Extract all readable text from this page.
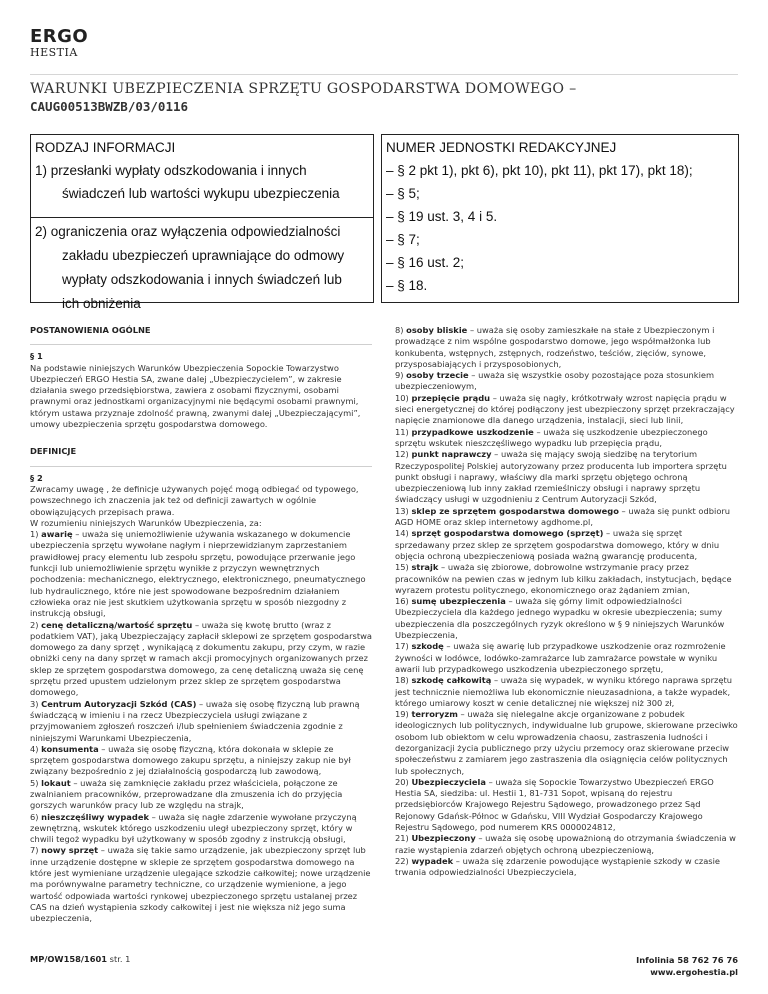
ERGO
HESTIA
WARUNKI UBEZPIECZENIA SPRZĘTU GOSPODARSTWA DOMOWEGO –
CAUG00513BWZB/03/0116
RODZAJ INFORMACJI
1) przesłanki wypłaty odszkodowania i innych
świadczeń lub wartości wykupu ubezpieczenia
2) ograniczenia oraz wyłączenia odpowiedzialności
zakładu ubezpieczeń uprawniające do odmowy
wypłaty odszkodowania i innych świadczeń lub
ich obniżenia
NUMER JEDNOSTKI REDAKCYJNEJ
– § 2 pkt 1), pkt 6), pkt 10), pkt 11), pkt 17), pkt 18);
– § 5;
– § 19 ust. 3, 4 i 5.
– § 7;
– § 16 ust. 2;
– § 18.

POSTANOWIENIA OGÓLNE

§ 1

Na podstawie niniejszych Warunków Ubezpieczenia Sopockie Towarzystwo Ubezpieczeń ERGO Hestia SA, zwane dalej „Ubezpieczycielem”, w zakresie działania swego przedsiębiorstwa, zawiera z osobami fizycznymi, osobami prawnymi oraz jednostkami organizacyjnymi nie będącymi osobami prawnymi, którym ustawa przyznaje zdolność prawną, zwanymi dalej „Ubezpieczającymi”, umowy ubezpieczenia sprzętu gospodarstwa domowego.

DEFINICJE

§ 2

Zwracamy uwagę , że definicje używanych pojęć mogą odbiegać od typowego, powszechnego ich znaczenia jak też od definicji zawartych w ogólnie obowiązujących przepisach prawa.

W rozumieniu niniejszych Warunków Ubezpieczenia, za:

1) awarię – uważa się uniemożliwienie używania wskazanego w dokumencie ubezpieczenia sprzętu wywołane nagłym i nieprzewidzianym zaprzestaniem prawidłowej pracy elementu lub zespołu sprzętu, powodujące przerwanie jego funkcji lub uniemożliwienie sprzętu wynikłe z przyczyn wewnętrznych pochodzenia: mechanicznego, elektrycznego, elektronicznego, pneumatycznego lub hydraulicznego, które nie jest spowodowane bezpośrednim działaniem człowieka oraz nie jest skutkiem użytkowania sprzętu w sposób niezgodny z instrukcją obsługi,

2) cenę detaliczną/wartość sprzętu – uważa się kwotę brutto (wraz z podatkiem VAT), jaką Ubezpieczający zapłacił sklepowi ze sprzętem gospodarstwa domowego za dany sprzęt , wynikającą z dokumentu zakupu, przy czym, w razie obniżki ceny na dany sprzęt w ramach akcji promocyjnych organizowanych przez sklep ze sprzętem gospodarstwa domowego, za cenę detaliczną uważa się cenę sprzętu przed upustem udzielonym przez sklep ze sprzętem gospodarstwa domowego,

3) Centrum Autoryzacji Szkód (CAS) – uważa się osobę fizyczną lub prawną świadczącą w imieniu i na rzecz Ubezpieczyciela usługi związane z przyjmowaniem zgłoszeń roszczeń i/lub spełnieniem świadczenia zgodnie z niniejszymi Warunkami Ubezpieczenia,

4) konsumenta – uważa się osobę fizyczną, która dokonała w sklepie ze sprzętem gospodarstwa domowego zakupu sprzętu, a niniejszy zakup nie był związany bezpośrednio z jej działalnością gospodarczą lub zawodową,

5) lokaut – uważa się zamknięcie zakładu przez właściciela, połączone ze zwalnianiem pracowników, przeprowadzane dla zmuszenia ich do przyjęcia gorszych warunków pracy lub ze względu na strajk,

6) nieszczęśliwy wypadek – uważa się nagłe zdarzenie wywołane przyczyną zewnętrzną, wskutek którego uszkodzeniu uległ ubezpieczony sprzęt, który w chwili tegoż wypadku był użytkowany w sposób zgodny z instrukcją obsługi,

7) nowy sprzęt – uważa się takie samo urządzenie, jak ubezpieczony sprzęt lub inne urządzenie dostępne w sklepie ze sprzętem gospodarstwa domowego na które jest wymieniane urządzenie ulegające szkodzie całkowitej; nowe urządzenie ma porównywalne parametry techniczne, co urządzenie wymienione, a jego wartość odpowiada wartości rynkowej ubezpieczonego sprzętu ustalanej przez CAS na dzień wystąpienia szkody całkowitej i jest nie większa niż jego suma ubezpieczenia,

8) osoby bliskie – uważa się osoby zamieszkałe na stałe z Ubezpieczonym i prowadzące z nim wspólne gospodarstwo domowe, jego współmałżonka lub konkubenta, wstępnych, zstępnych, rodzeństwo, teściów, zięciów, synowe, przysposabiających i przysposobionych,

9) osoby trzecie – uważa się wszystkie osoby pozostające poza stosunkiem ubezpieczeniowym,

10) przepięcie prądu – uważa się nagły, krótkotrwały wzrost napięcia prądu w sieci energetycznej do której podłączony jest ubezpieczony sprzęt przekraczający napięcie znamionowe dla danego urządzenia, instalacji, sieci lub linii,

11) przypadkowe uszkodzenie – uważa się uszkodzenie ubezpieczonego sprzętu wskutek nieszczęśliwego wypadku lub przepięcia prądu,

12) punkt naprawczy – uważa się mający swoją siedzibę na terytorium Rzeczypospolitej Polskiej autoryzowany przez producenta lub importera sprzętu punkt obsługi i naprawy, właściwy dla marki sprzętu objętego ochroną ubezpieczeniową lub inny zakład rzemieślniczy obsługi i naprawy sprzętu świadczący usługi w uzgodnieniu z Centrum Autoryzacji Szkód,

13) sklep ze sprzętem gospodarstwa domowego – uważa się punkt odbioru AGD HOME oraz sklep internetowy agdhome.pl,

14) sprzęt gospodarstwa domowego (sprzęt) – uważa się sprzęt sprzedawany przez sklep ze sprzętem gospodarstwa domowego, który w dniu objęcia ochroną ubezpieczeniową posiada ważną gwarancję producenta,

15) strajk – uważa się zbiorowe, dobrowolne wstrzymanie pracy przez pracowników na pewien czas w jednym lub kilku zakładach, instytucjach, będące wyrazem protestu politycznego, ekonomicznego oraz żądaniem zmian,

16) sumę ubezpieczenia – uważa się górny limit odpowiedzialności Ubezpieczyciela dla każdego jednego wypadku w okresie ubezpieczenia; sumy ubezpieczenia dla poszczególnych ryzyk określono w § 9 niniejszych Warunków Ubezpieczenia,

17) szkodę – uważa się awarię lub przypadkowe uszkodzenie oraz rozmrożenie żywności w lodówce, lodówko-zamrażarce lub zamrażarce powstałe w wyniku awarii lub przypadkowego uszkodzenia ubezpieczonego sprzętu,

18) szkodę całkowitą – uważa się wypadek, w wyniku którego naprawa sprzętu jest technicznie niemożliwa lub ekonomicznie nieuzasadniona, a także wypadek, którego umiarowy koszt w cenie detalicznej nie większej niż 300 zł,

19) terroryzm – uważa się nielegalne akcje organizowane z pobudek ideologicznych lub politycznych, indywidualne lub grupowe, skierowane przeciwko osobom lub obiektom w celu wprowadzenia chaosu, zastraszenia ludności i dezorganizacji życia publicznego przy użyciu przemocy oraz skierowane przeciw społeczeństwu z zamiarem jego zastraszenia dla osiągnięcia celów politycznych lub społecznych,

20) Ubezpieczyciela – uważa się Sopockie Towarzystwo Ubezpieczeń ERGO Hestia SA, siedziba: ul. Hestii 1, 81-731 Sopot, wpisaną do rejestru przedsiębiorców Krajowego Rejestru Sądowego, prowadzonego przez Sąd Rejonowy Gdańsk-Północ w Gdańsku, VIII Wydział Gospodarczy Krajowego Rejestru Sądowego, pod numerem KRS 0000024812,

21) Ubezpieczony – uważa się osobę upoważnioną do otrzymania świadczenia w razie wystąpienia zdarzeń objętych ochroną ubezpieczeniową,

22) wypadek – uważa się zdarzenie powodujące wystąpienie szkody w czasie trwania odpowiedzialności Ubezpieczyciela,

MP/OW158/1601 str. 1	Infolinia 58 762 76 76
www.ergohestia.pl
